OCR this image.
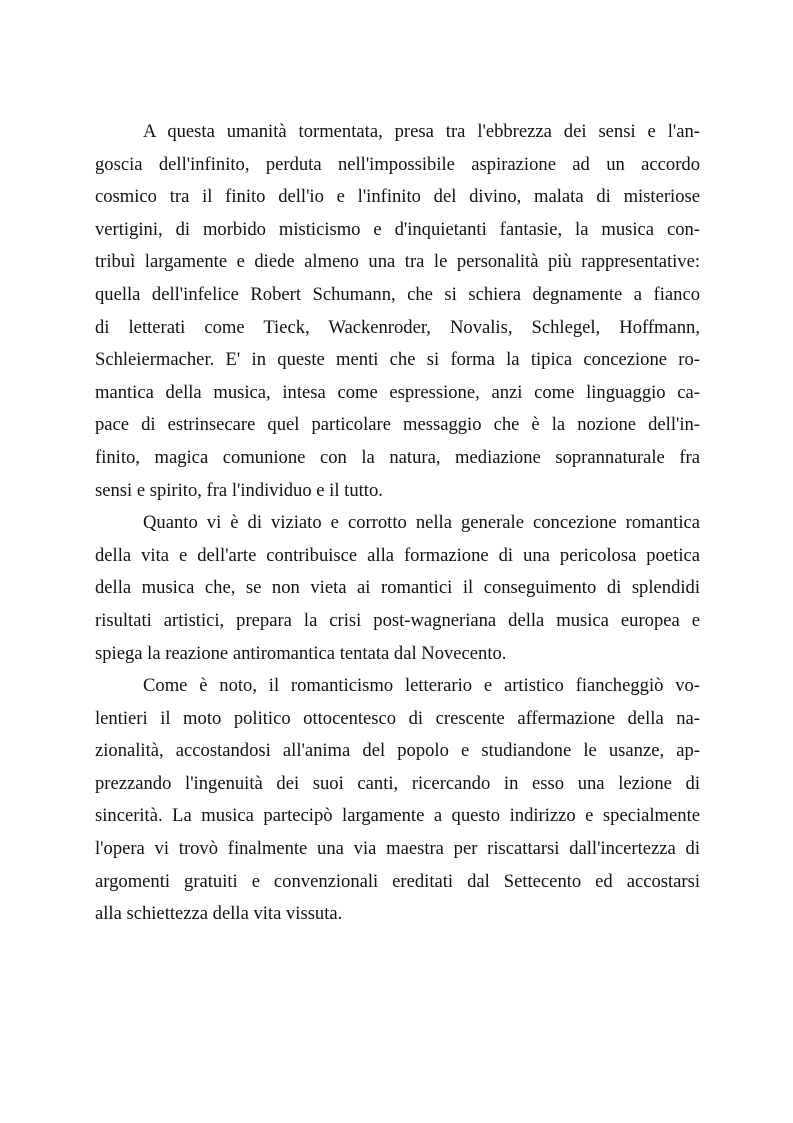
A questa umanità tormentata, presa tra l'ebbrezza dei sensi e l'an-
goscia dell'infinito, perduta nell'impossibile aspirazione ad un accordo
cosmico tra il finito dell'io e l'infinito del divino, malata di misteriose
vertigini, di morbido misticismo e d'inquietanti fantasie, la musica con-
tribuì largamente e diede almeno una tra le personalità più rappresentative:
quella dell'infelice Robert Schumann, che si schiera degnamente a fianco
di letterati come Tieck, Wackenroder, Novalis, Schlegel, Hoffmann,
Schleiermacher. E' in queste menti che si forma la tipica concezione ro-
mantica della musica, intesa come espressione, anzi come linguaggio ca-
pace di estrinsecare quel particolare messaggio che è la nozione dell'in-
finito, magica comunione con la natura, mediazione soprannaturale fra
sensi e spirito, fra l'individuo e il tutto.
Quanto vi è di viziato e corrotto nella generale concezione romantica
della vita e dell'arte contribuisce alla formazione di una pericolosa poetica
della musica che, se non vieta ai romantici il conseguimento di splendidi
risultati artistici, prepara la crisi post-wagneriana della musica europea e
spiega la reazione antiromantica tentata dal Novecento.
Come è noto, il romanticismo letterario e artistico fiancheggiò vo-
lentieri il moto politico ottocentesco di crescente affermazione della na-
zionalità, accostandosi all'anima del popolo e studiandone le usanze, ap-
prezzando l'ingenuità dei suoi canti, ricercando in esso una lezione di
sincerità. La musica partecipò largamente a questo indirizzo e specialmente
l'opera vi trovò finalmente una via maestra per riscattarsi dall'incertezza di
argomenti gratuiti e convenzionali ereditati dal Settecento ed accostarsi
alla schiettezza della vita vissuta.
